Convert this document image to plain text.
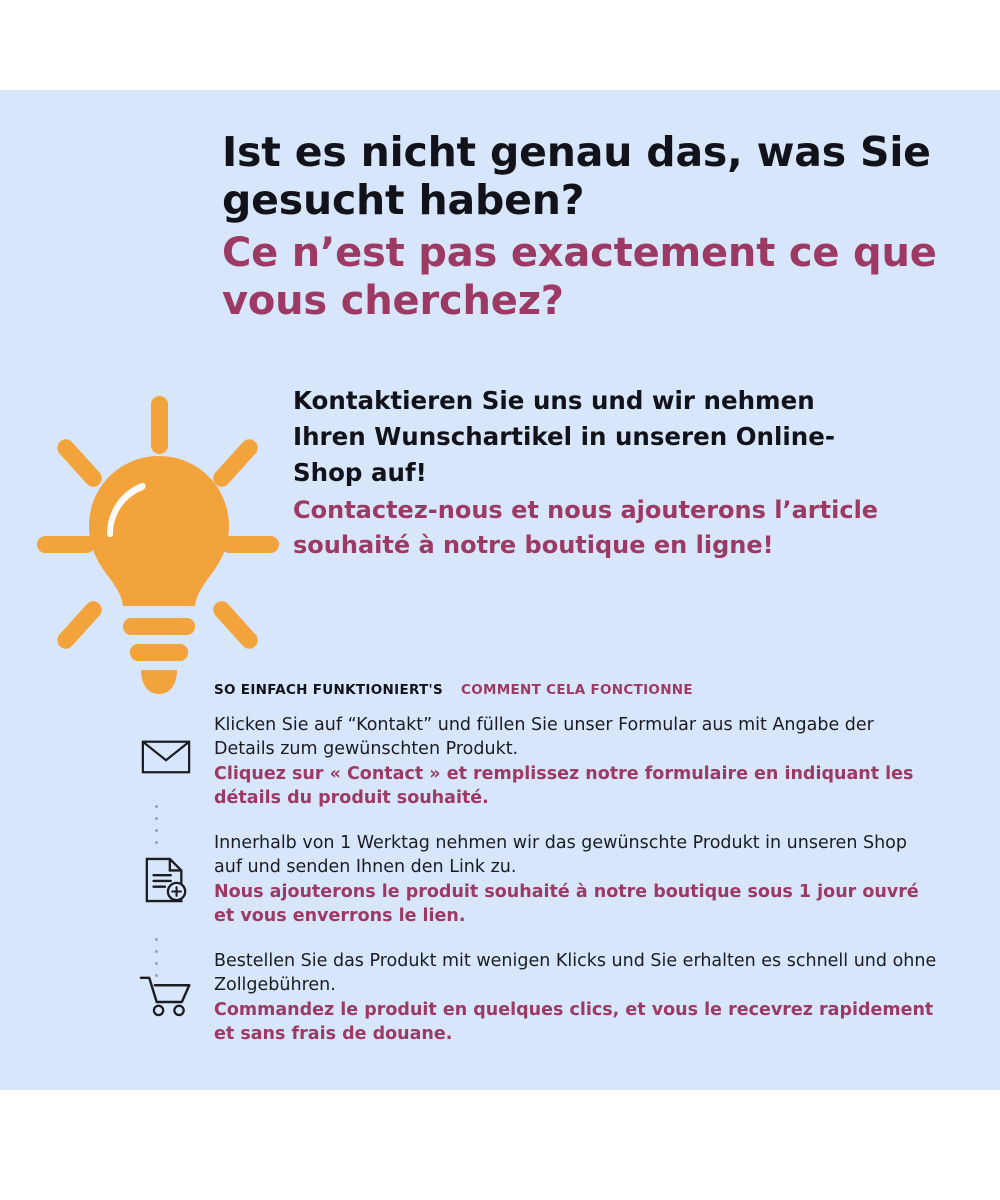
Ist es nicht genau das, was Sie gesucht haben?

Ce n’est pas exactement ce que vous cherchez?

Kontaktieren Sie uns und wir nehmen Ihren Wunschartikel in unseren Online-Shop auf!

Contactez-nous et nous ajouterons l’article souhaité à notre boutique en ligne!

SO EINFACH FUNKTIONIERT'S COMMENT CELA FONCTIONNE

Klicken Sie auf “Kontakt” und füllen Sie unser Formular aus mit Angabe der Details zum gewünschten Produkt.

Cliquez sur « Contact » et remplissez notre formulaire en indiquant les détails du produit souhaité.

Innerhalb von 1 Werktag nehmen wir das gewünschte Produkt in unseren Shop auf und senden Ihnen den Link zu.

Nous ajouterons le produit souhaité à notre boutique sous 1 jour ouvré et vous enverrons le lien.

Bestellen Sie das Produkt mit wenigen Klicks und Sie erhalten es schnell und ohne Zollgebühren.

Commandez le produit en quelques clics, et vous le recevrez rapidement et sans frais de douane.
